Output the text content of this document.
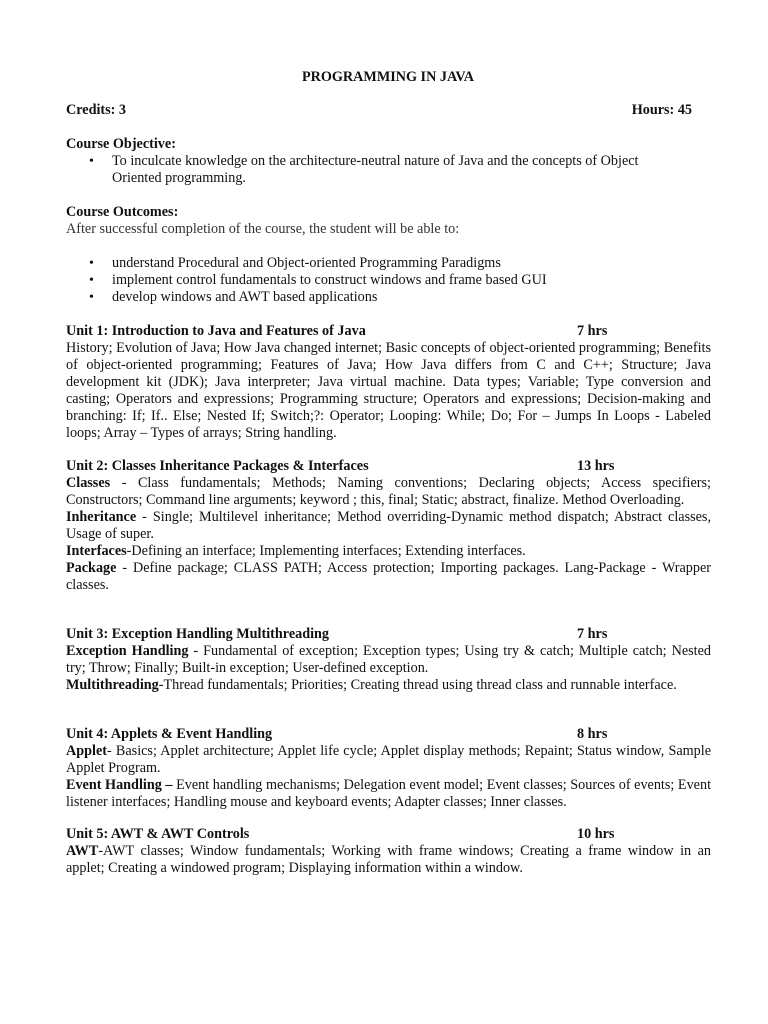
PROGRAMMING IN JAVA
Credits: 3	Hours: 45
Course Objective:
• To inculcate knowledge on the architecture-neutral nature of Java and the concepts of Object Oriented programming.
Course Outcomes:
After successful completion of the course, the student will be able to:
• understand Procedural and Object-oriented Programming Paradigms
• implement control fundamentals to construct windows and frame based GUI
• develop windows and AWT based applications
Unit 1: Introduction to Java and Features of Java	7 hrs
History; Evolution of Java; How Java changed internet; Basic concepts of object-oriented programming; Benefits of object-oriented programming; Features of Java; How Java differs from C and C++; Structure; Java development kit (JDK); Java interpreter; Java virtual machine. Data types; Variable; Type conversion and casting; Operators and expressions; Programming structure; Operators and expressions; Decision-making and branching: If; If.. Else; Nested If; Switch;?: Operator; Looping: While; Do; For – Jumps In Loops - Labeled loops; Array – Types of arrays; String handling.
Unit 2: Classes Inheritance Packages & Interfaces	13 hrs
Classes - Class fundamentals; Methods; Naming conventions; Declaring objects; Access specifiers; Constructors; Command line arguments; keyword ; this, final; Static; abstract, finalize. Method Overloading.
Inheritance - Single; Multilevel inheritance; Method overriding-Dynamic method dispatch; Abstract classes, Usage of super.
Interfaces-Defining an interface; Implementing interfaces; Extending interfaces.
Package - Define package; CLASS PATH; Access protection; Importing packages. Lang-Package - Wrapper classes.
Unit 3: Exception Handling Multithreading	7 hrs
Exception Handling - Fundamental of exception; Exception types; Using try & catch; Multiple catch; Nested try; Throw; Finally; Built-in exception; User-defined exception.
Multithreading-Thread fundamentals; Priorities; Creating thread using thread class and runnable interface.
Unit 4: Applets & Event Handling	8 hrs
Applet- Basics; Applet architecture; Applet life cycle; Applet display methods; Repaint; Status window, Sample Applet Program.
Event Handling – Event handling mechanisms; Delegation event model; Event classes; Sources of events; Event listener interfaces; Handling mouse and keyboard events; Adapter classes; Inner classes.
Unit 5: AWT & AWT Controls	10 hrs
AWT-AWT classes; Window fundamentals; Working with frame windows; Creating a frame window in an applet; Creating a windowed program; Displaying information within a window.
